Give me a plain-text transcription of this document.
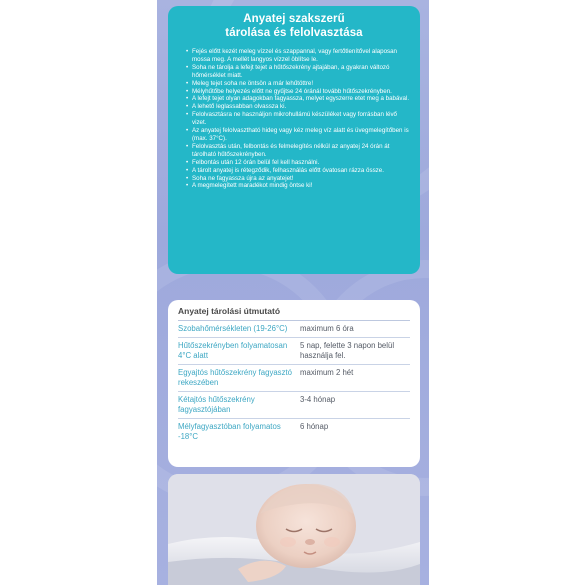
Anyatej szakszerű
tárolása és felolvasztása
• Fejés előtt kezét meleg vízzel és szappannal, vagy fertőtlenítővel alaposan mossa meg. A mellét langyos vízzel öblítse le.
• Soha ne tárolja a lefejt tejet a hűtőszekrény ajtajában, a gyakran változó hőmérséklet miatt.
• Meleg tejet soha ne öntsön a már lehűtöttre!
• Mélyhűtőbe helyezés előtt ne gyűjtse 24 óránál tovább hűtőszekrényben.
• A lefejt tejet olyan adagokban fagyassza, melyet egyszerre etet meg a babával.
• A lehető leglassabban olvassza ki.
• Felolvasztásra ne használjon mikrohullámú készüléket vagy forrásban lévő vizet.
• Az anyatej felolvasztható hideg vagy kéz meleg víz alatt és üvegmelegítőben is (max. 37°C).
• Felolvasztás után, felbontás és felmelegítés nélkül az anyatej 24 órán át tárolható hűtőszekrényben.
• Felbontás után 12 órán belül fel kell használni.
• A tárolt anyatej is rétegződik, felhasználás előtt óvatosan rázza össze.
• Soha ne fagyassza újra az anyatejet!
• A megmelegített maradékot mindig öntse ki!
Anyatej tárolási útmutató
Szobahőmérsékleten (19-26°C)	maximum 6 óra
Hűtőszekrényben folyamatosan 4°C alatt
5 nap, felette 3 napon belül használja fel.
Egyajtós hűtőszekrény fagyasztó rekeszében
maximum 2 hét
Kétajtós hűtőszekrény fagyasztójában
3-4 hónap
Mélyfagyasztóban folyamatos -18°C
6 hónap
